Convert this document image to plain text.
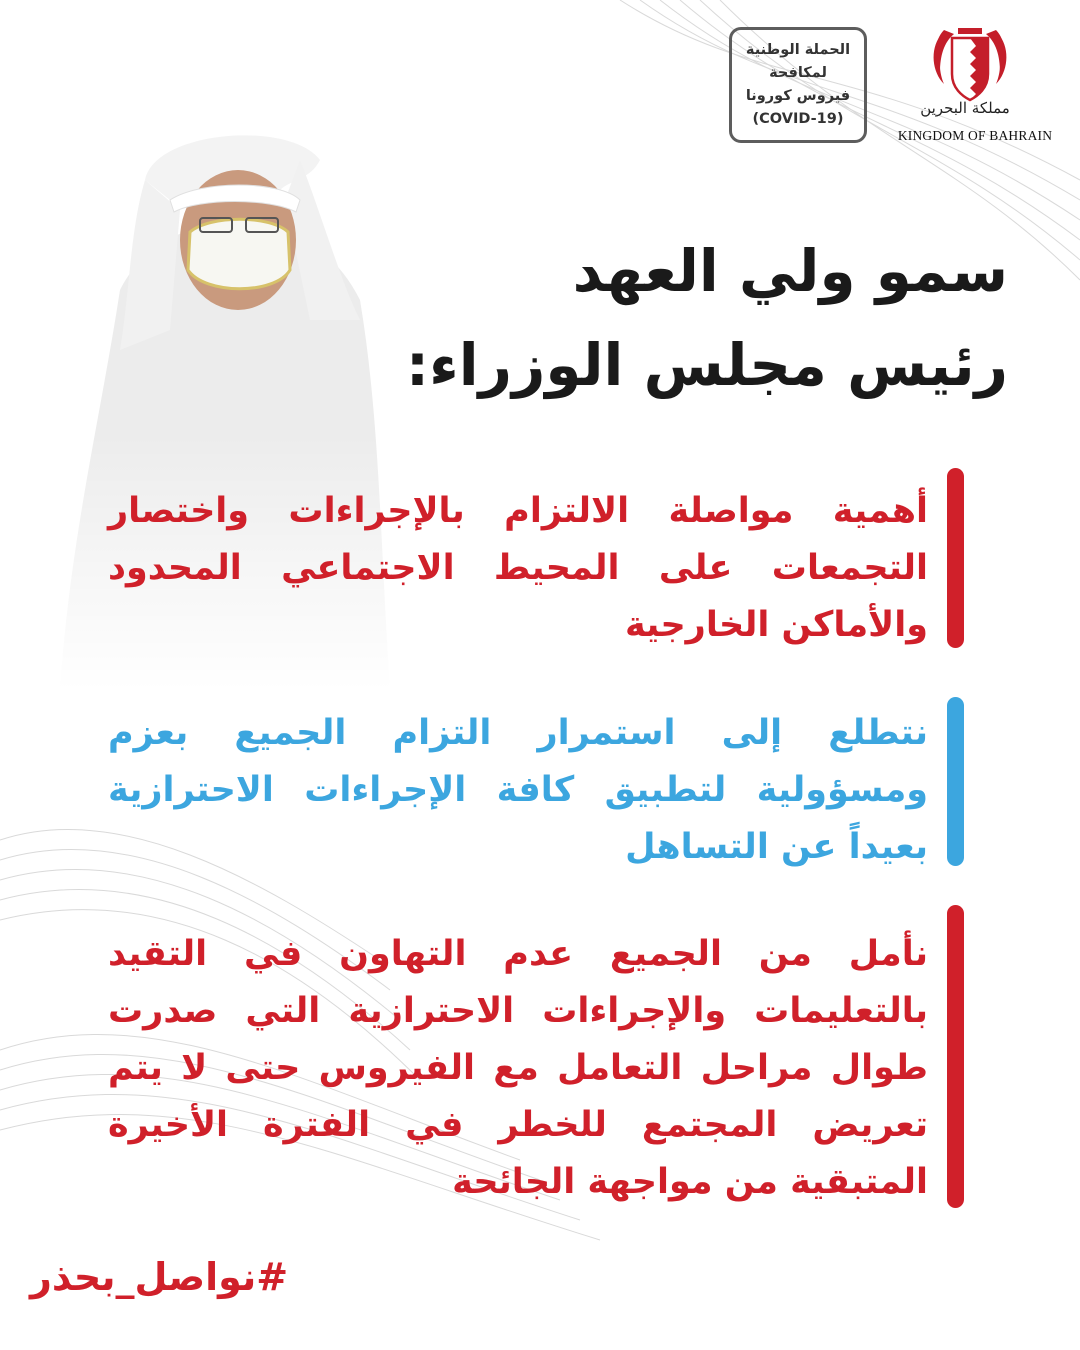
الحملة الوطنية
لمكافحة
فيروس كورونا
(COVID-19)
مملكة البحرين
KINGDOM OF BAHRAIN
سمو ولي العهد
رئيس مجلس الوزراء:
أهمية مواصلة الالتزام بالإجراءات واختصار التجمعات على المحيط الاجتماعي المحدود والأماكن الخارجية
نتطلع إلى استمرار التزام الجميع بعزم ومسؤولية لتطبيق كافة الإجراءات الاحترازية بعيداً عن التساهل
نأمل من الجميع عدم التهاون في التقيد بالتعليمات والإجراءات الاحترازية التي صدرت طوال مراحل التعامل مع الفيروس حتى لا يتم تعريض المجتمع للخطر في الفترة الأخيرة المتبقية من مواجهة الجائحة
#نواصل_بحذر
